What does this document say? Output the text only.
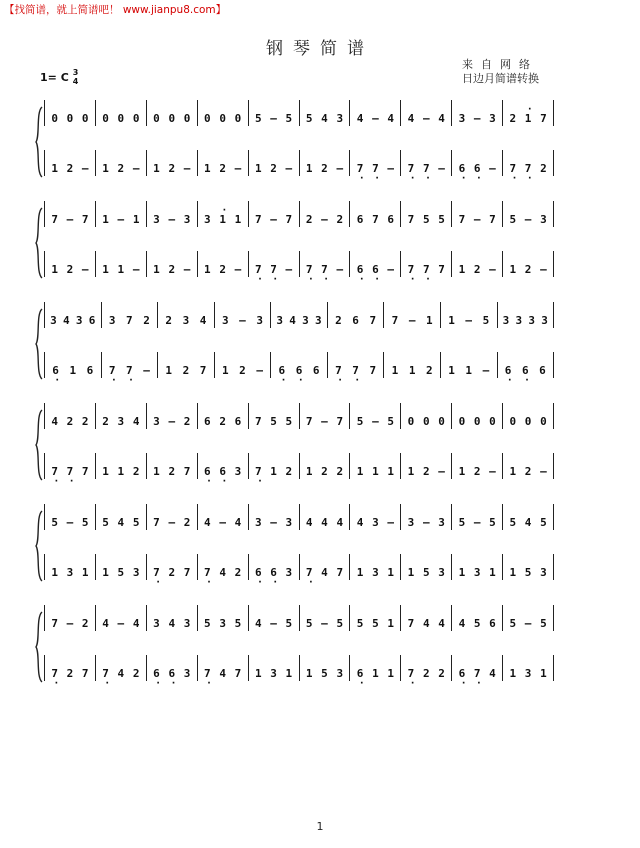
【找简谱，就上简谱吧！ www.jianpu8.com】
钢琴简谱
来自网络
日边月简谱转换
1= C 3
4
0 0 0 0 0 0 0 0 0 0 0 0 5 – 5 5 4 3 4 – 4 4 – 4 3 – 3 2 · 1 7
1 2 – 1 2 – 1 2 – 1 2 – 1 2 – 1 2 – 7 · 7 · – 7 · 7 · – 6 · 6 · – 7 · 7 · 2
7 – 7 1 – 1 3 – 3 3 · 1 1 7 – 7 2 – 2 6 7 6 7 5 5 7 – 7 5 – 3
1 2 – 1 1 – 1 2 – 1 2 – 7 · 7 · – 7 · 7 · – 6 · 6 · – 7 · 7 · 7 1 2 – 1 2 –
3 4 3 6 3 7 2 2 3 4 3 – 3 3 4 3 3 2 6 7 7 – 1 1 – 5 3 3 3 3
6 · 1 6 7 · 7 · – 1 2 7 1 2 – 6 · 6 · 6 7 · 7 · 7 1 1 2 1 1 – 6 · 6 · 6
4 2 2 2 3 4 3 – 2 6 2 6 7 5 5 7 – 7 5 – 5 0 0 0 0 0 0 0 0 0
7 · 7 · 7 1 1 2 1 2 7 6 · 6 · 3 7 · 1 2 1 2 2 1 1 1 1 2 – 1 2 – 1 2 –
5 – 5 5 4 5 7 – 2 4 – 4 3 – 3 4 4 4 4 3 – 3 – 3 5 – 5 5 4 5
1 3 1 1 5 3 7 · 2 7 7 · 4 2 6 · 6 · 3 7 · 4 7 1 3 1 1 5 3 1 3 1 1 5 3
7 – 2 4 – 4 3 4 3 5 3 5 4 – 5 5 – 5 5 5 1 7 4 4 4 5 6 5 – 5
7 · 2 7 7 · 4 2 6 · 6 · 3 7 · 4 7 1 3 1 1 5 3 6 · 1 1 7 · 2 2 6 · 7 · 4 1 3 1
1
